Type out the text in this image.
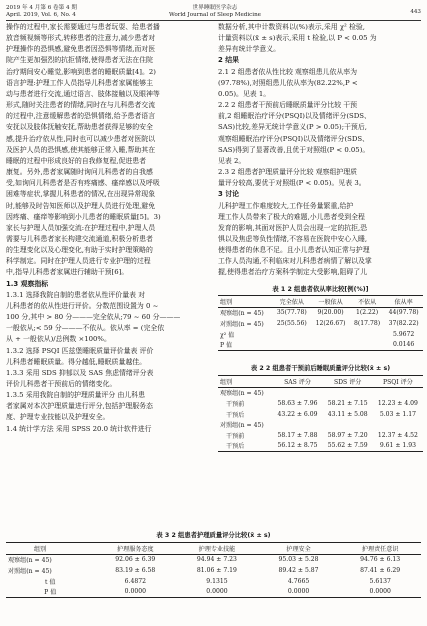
2019 年 4 月第 6 卷第 4 期
April. 2019, Vol. 6, No. 4
世界睡眠医学杂志
World Journal of Sleep Medicine	443

操作的过程中,家长需要通过与患者玩耍、给患者播

放音频视频等形式,转移患者的注意力,减少患者对

护理操作的恐惧感,避免患者因恐惧等情绪,而对医

院产生更加强烈的抗拒情绪,使得患者无法在住院

治疗期间安心睡觉,影响到患者的睡眠质量[4]。2)

语言护理:护理工作人员指导儿科患者家属能够主

动与患者进行交流,通过语言、肢体接触以及眼神等

形式,随时关注患者的情绪,同时在与儿科患者交流

的过程中,注意缓解患者的恐惧情绪,给予患者语言

安抚以及肢体抚触安抚,帮助患者获得足够的安全

感,提升治疗依从性,同时也可以减少患者对医院以

及医护人员的恐惧感,使其能够正常入睡,帮助其在

睡眠的过程中形成良好的自我修复程,促进患者

康复。另外,患者家属随时询问儿科患者的自我感

受,如询问儿科患者是否有疼痛感、瘙痒感以及呼吸

困难等症状,掌握儿科患者的情况,在出现异常现象

时,能够及时告知医师以及护理人员进行处理,避免

因疼痛、瘙痒等影响到小儿患者的睡眠质量[5]。3)

家长与护理人员加强交流:在护理过程中,护理人员

需要与儿科患者家长构建交流通道,积极分析患者

的生理变化以及心理变化,有助于实时护理策略的

科学制定。同时在护理人员进行专业护理的过程

中,指导儿科患者家属进行辅助干预[6]。

1.3 观察指标

1.3.1 选择我院自制的患者依从性评价量表 对

儿科患者的依从性进行评价。分数范围设置为 0 ~

100 分,其中 > 80 分———完全依从;79 ~ 60 分———

一般依从;< 59 分———不依从。依从率 = (完全依

从 + 一般依从)/总例数 ×100%。

1.3.2 选择 PSQI 匹兹堡睡眠质量评价量表 评价

儿科患者睡眠质量。得分越低,睡眠质量越佳。

1.3.3 采用 SDS 抑郁以及 SAS 焦虑情绪评分表

评价儿科患者干预前后的情绪变化。

1.3.5 采用我院自制的护理质量评分 由儿科患

者家属对本次护理质量进行评分,包括护理服务态

度、护理专业技能以及护理安全。

1.4 统计学方法 采用 SPSS 20.0 统计软件进行

数据分析,其中计数资料以(%)表示,采用 χ² 检验,

计量资料以(x̄ ± s)表示,采用 t 检验,以 P < 0.05 为

差异有统计学意义。

2 结果

2.1 2 组患者依从性比较 观察组患儿依从率为

(97.78%),对照组患儿依从率为(82.22%,P <

0.05)。见表 1。

2.2 2 组患者干预前后睡眠质量评分比较 干预

前,2 组睡眠治疗评分(PSQI)以及情绪评分(SDS、

SAS)比较,差异无统计学意义(P > 0.05);干预后,

观察组睡眠治疗评分(PSQI)以及情绪评分(SDS、

SAS)得到了显著改善,且优于对照组(P < 0.05)。

见表 2。

2.3 2 组患者护理质量评分比较 观察组护理质

量评分较高,要优于对照组(P < 0.05)。见表 3。

3 讨论

儿科护理工作难度较大,工作任务量繁重,给护

理工作人员带来了极大的难题,小儿患者受到全程

发育的影响,其面对医护人员会出现一定的抗拒,恐

惧以及焦虑等负性情绪,不容易在医院中安心入睡,

使得患者的休息不足。且小儿患者认知正常与护理

工作人员沟通,不利临床对儿科患者病情了解以及掌

握,使得患者治疗方案科学制定大受影响,阻碍了儿

表 1 2 组患者依从率比较[例(%)]
组别	完全依从	一般依从	不依从	依从率
观察组(n = 45)	35(77.78)	9(20.00)	1(2.22)	44(97.78)
对照组(n = 45)	25(55.56)	12(26.67)	8(17.78)	37(82.22)
χ² 值				5.9672
P 值				0.0146
表 2 2 组患者干预前后睡眠质量评分比较(x̄ ± s)
组别	SAS 评分	SDS 评分	PSQI 评分
观察组(n = 45)			
干预前	58.63 ± 7.96	58.21 ± 7.15	12.23 ± 4.09
干预后	43.22 ± 6.09	43.11 ± 5.08	5.03 ± 1.17
对照组(n = 45)			
干预前	58.17 ± 7.88	58.97 ± 7.20	12.37 ± 4.52
干预后	56.12 ± 8.75	55.62 ± 7.59	9.61 ± 1.93
表 3 2 组患者护理质量评分比较(x̄ ± s)
组别	护理服务态度	护理专业技能	护理安全	护理责任意识
观察组(n = 45)	92.06 ± 6.39	94.94 ± 7.23	95.03 ± 5.28	94.76 ± 6.13
对照组(n = 45)	83.19 ± 6.58	81.06 ± 7.19	89.42 ± 5.87	87.41 ± 6.29
t 值	6.4872	9.1315	4.7665	5.6137
P 值	0.0000	0.0000	0.0000	0.0000
